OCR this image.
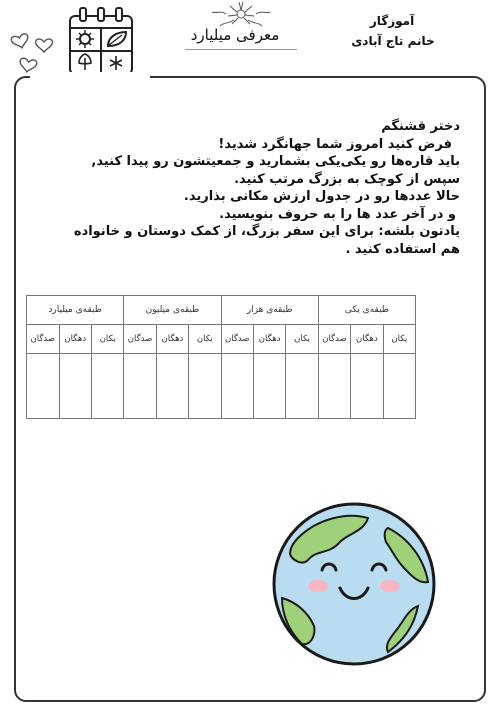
معرفی میلیارد
آموزگار
خانم تاج آبادی
دختر قشنگم
فرض کنید امروز شما جهانگرد شدید!
باید قاره‌ها رو یکی‌یکی بشمارید و جمعیتشون رو پیدا کنید,
سپس از کوچک به بزرگ مرتب کنید.
حالا عددها رو در جدول ارزش مکانی بذارید.
و در آخر عدد ها را به حروف بنویسید.
یادتون بلشه: برای این سفر بزرگ، از کمک دوستان و خانواده
هم استفاده کنید .
طبقه‌ی یکی			طبقه‌ی هزار			طبقه‌ی میلیون			طبقه‌ی میلیارد		
یکان	دهگان	صدگان	یکان	دهگان	صدگان	یکان	دهگان	صدگان	یکان	دهگان	صدگان
